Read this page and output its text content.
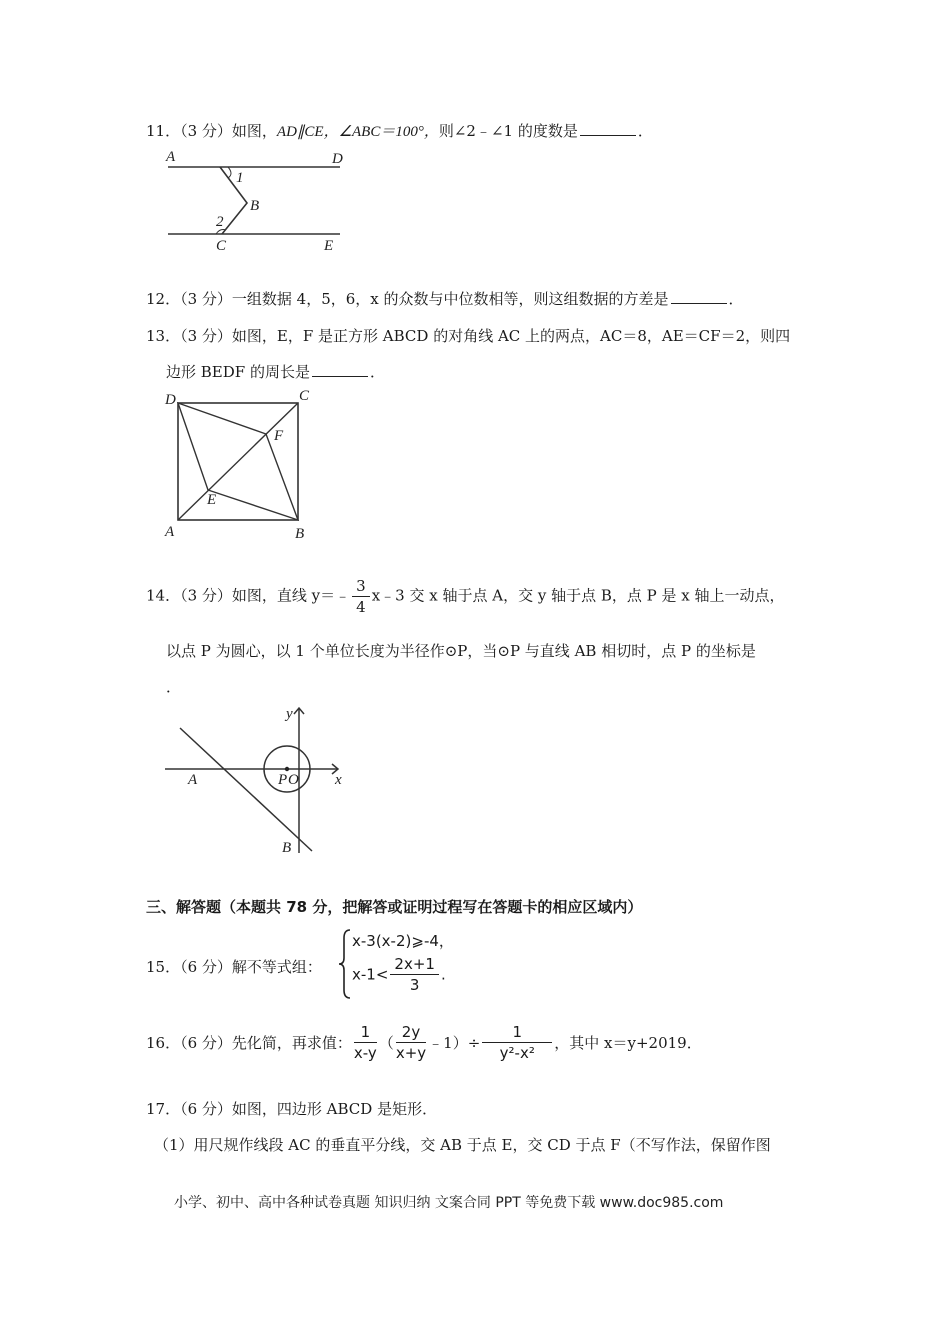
11．（3 分）如图，AD∥CE，∠ABC＝100°，则∠2﹣∠1 的度数是	．
A	D
1
B
2
C	E
12．（3 分）一组数据 4，5，6，x 的众数与中位数相等，则这组数据的方差是	．
13．（3 分）如图，E，F 是正方形 ABCD 的对角线 AC 上的两点，AC＝8，AE＝CF＝2，则四
边形 BEDF 的周长是	．
D	C
F
E
A	B
14．（3 分）如图，直线 y＝﹣ $\frac{3}{4}$ x﹣3 交 x 轴于点 A，交 y 轴于点 B，点 P 是 x 轴上一动点，
以点 P 为圆心，以 1 个单位长度为半径作⊙P，当⊙P 与直线 AB 相切时，点 P 的坐标是
．
y
x
A	P O
B
三、解答题（本题共 78 分，把解答或证明过程写在答题卡的相应区域内）
15．（6 分）解不等式组：
x-3(x-2)⩾-4，
$x-1< \frac{2x+1}{3}$ .
16．（6 分）先化简，再求值： $\frac{1}{x-y}$ （ $\frac{2y}{x+y}$ ﹣1）÷ $\frac{1}{\text{y²-x²}}$ ，其中 x＝y+2019．
17．（6 分）如图，四边形 ABCD 是矩形．
（1）用尺规作线段 AC 的垂直平分线，交 AB 于点 E，交 CD 于点 F（不写作法，保留作图
小学、初中、高中各种试卷真题 知识归纳 文案合同 PPT 等免费下载 www.doc985.com
